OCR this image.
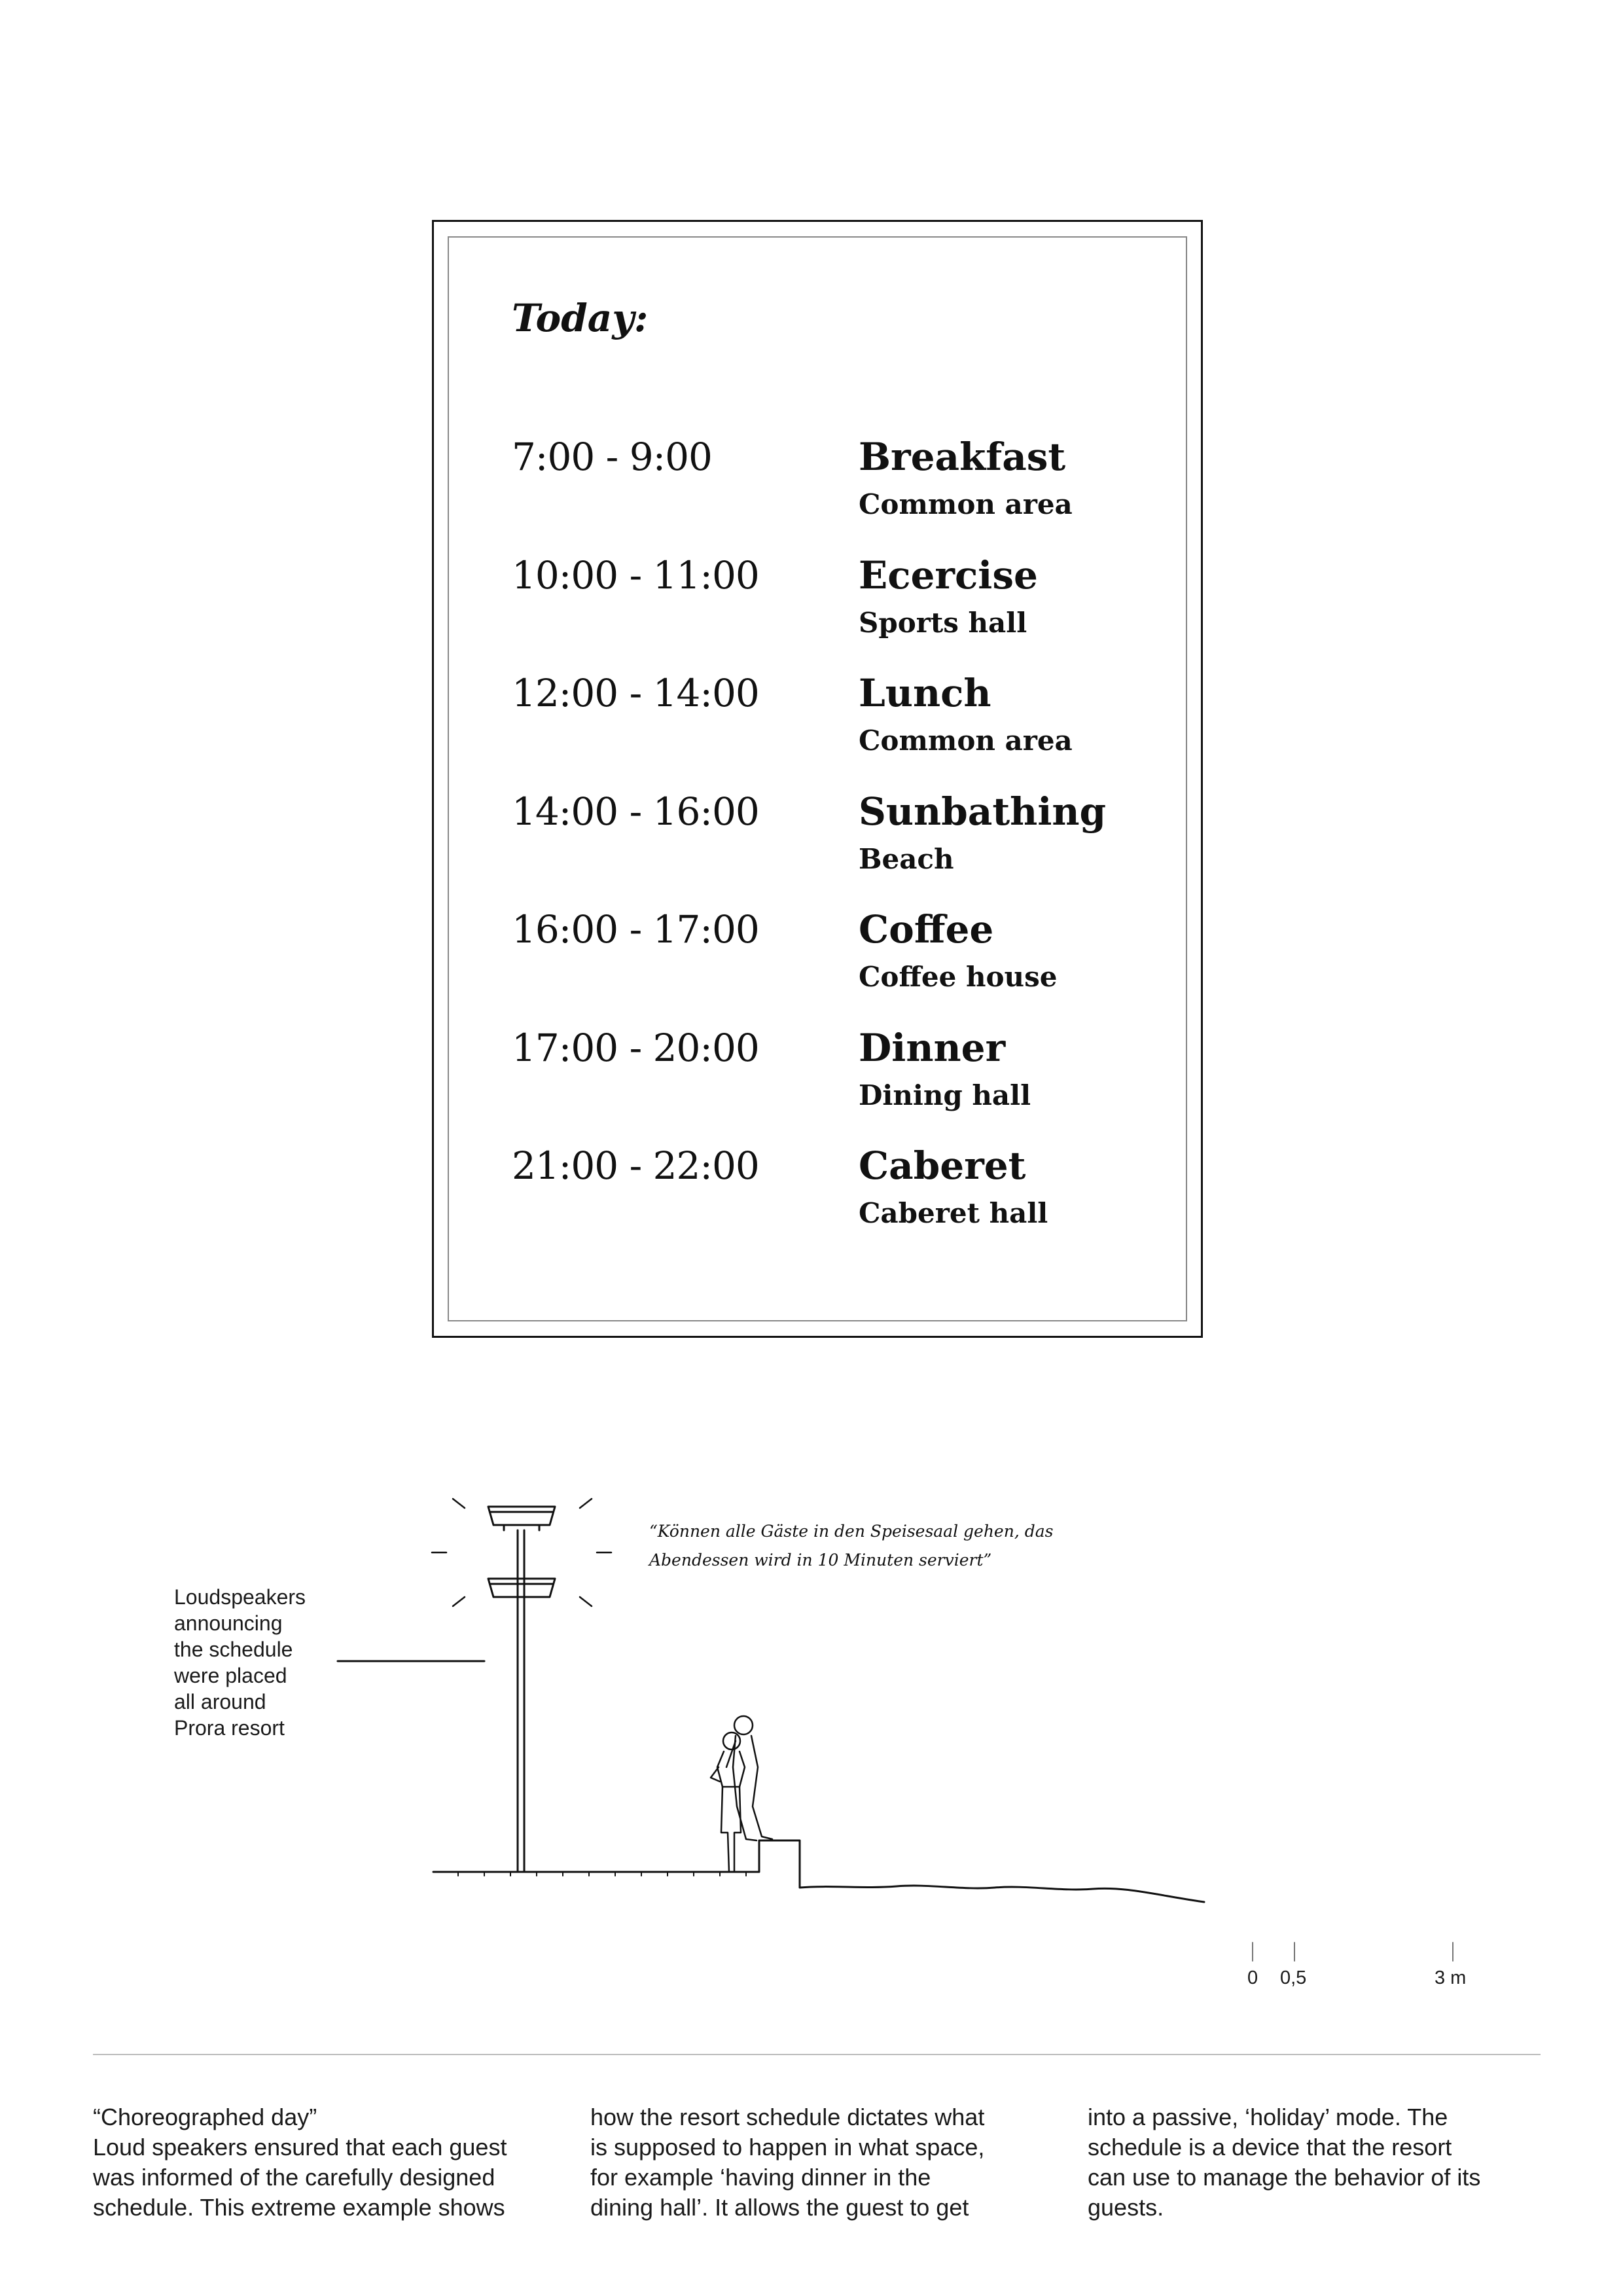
Today:
7:00 - 9:00	Breakfast
Common area
10:00 - 11:00	Ecercise
Sports hall
12:00 - 14:00	Lunch
Common area
14:00 - 16:00	Sunbathing
Beach
16:00 - 17:00	Coffee
Coffee house
17:00 - 20:00	Dinner
Dining hall
21:00 - 22:00	Caberet
Caberet hall
“Können alle Gäste in den Speisesaal gehen, das
Abendessen wird in 10 Minuten serviert”
Loudspeakers
announcing
the schedule
were placed
all around
Prora resort
0 0,5	3 m
“Choreographed day”
Loud speakers ensured that each guest
was informed of the carefully designed
schedule. This extreme example shows
how the resort schedule dictates what
is supposed to happen in what space,
for example ‘having dinner in the
dining hall’. It allows the guest to get
into a passive, ‘holiday’ mode. The
schedule is a device that the resort
can use to manage the behavior of its
guests.
